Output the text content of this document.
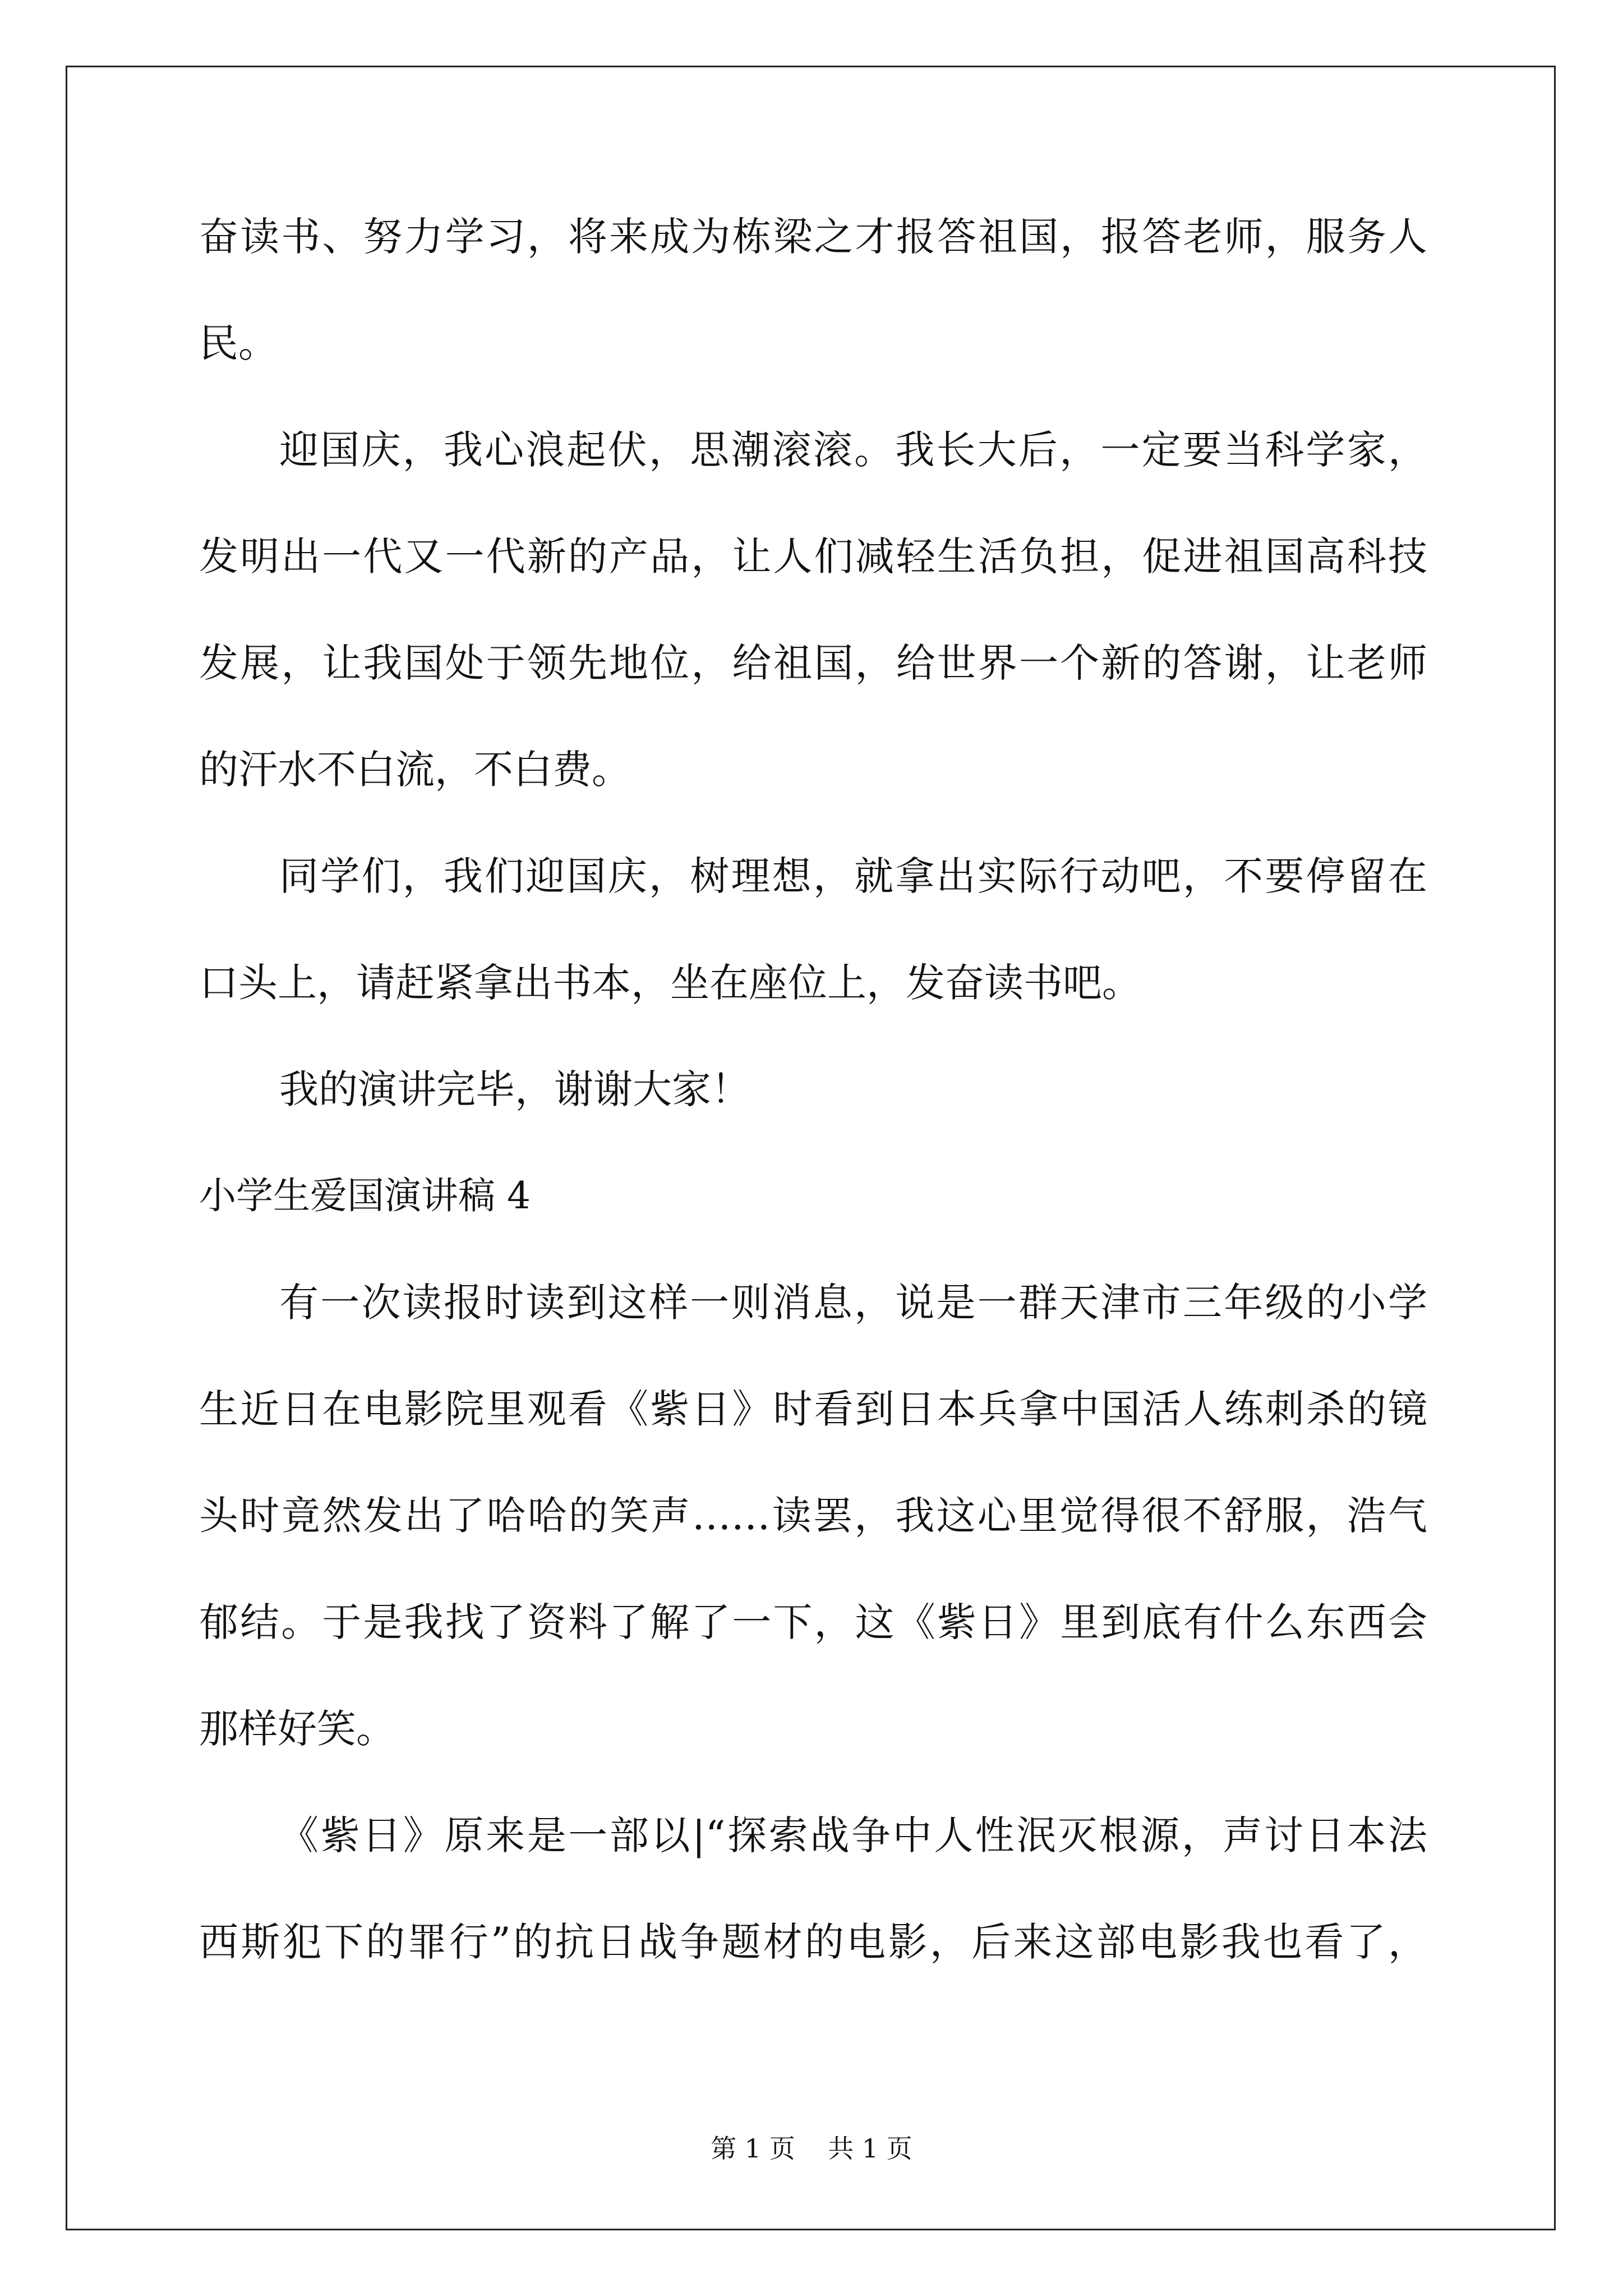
奋读书、努力学习，将来成为栋梁之才报答祖国，报答老师，服务人
民。
迎国庆，我心浪起伏，思潮滚滚。我长大后，一定要当科学家，
发明出一代又一代新的产品，让人们减轻生活负担，促进祖国高科技
发展，让我国处于领先地位，给祖国，给世界一个新的答谢，让老师
的汗水不白流，不白费。
同学们，我们迎国庆，树理想，就拿出实际行动吧，不要停留在
口头上，请赶紧拿出书本，坐在座位上，发奋读书吧。
我的演讲完毕，谢谢大家！
小学生爱国演讲稿 4
有一次读报时读到这样一则消息，说是一群天津市三年级的小学
生近日在电影院里观看《紫日》时看到日本兵拿中国活人练刺杀的镜
头时竟然发出了哈哈的笑声……读罢，我这心里觉得很不舒服，浩气
郁结。于是我找了资料了解了一下，这《紫日》里到底有什么东西会
那样好笑。
《紫日》原来是一部以|“探索战争中人性泯灭根源，声讨日本法
西斯犯下的罪行”的抗日战争题材的电影，后来这部电影我也看了，
第 1 页    共 1 页
